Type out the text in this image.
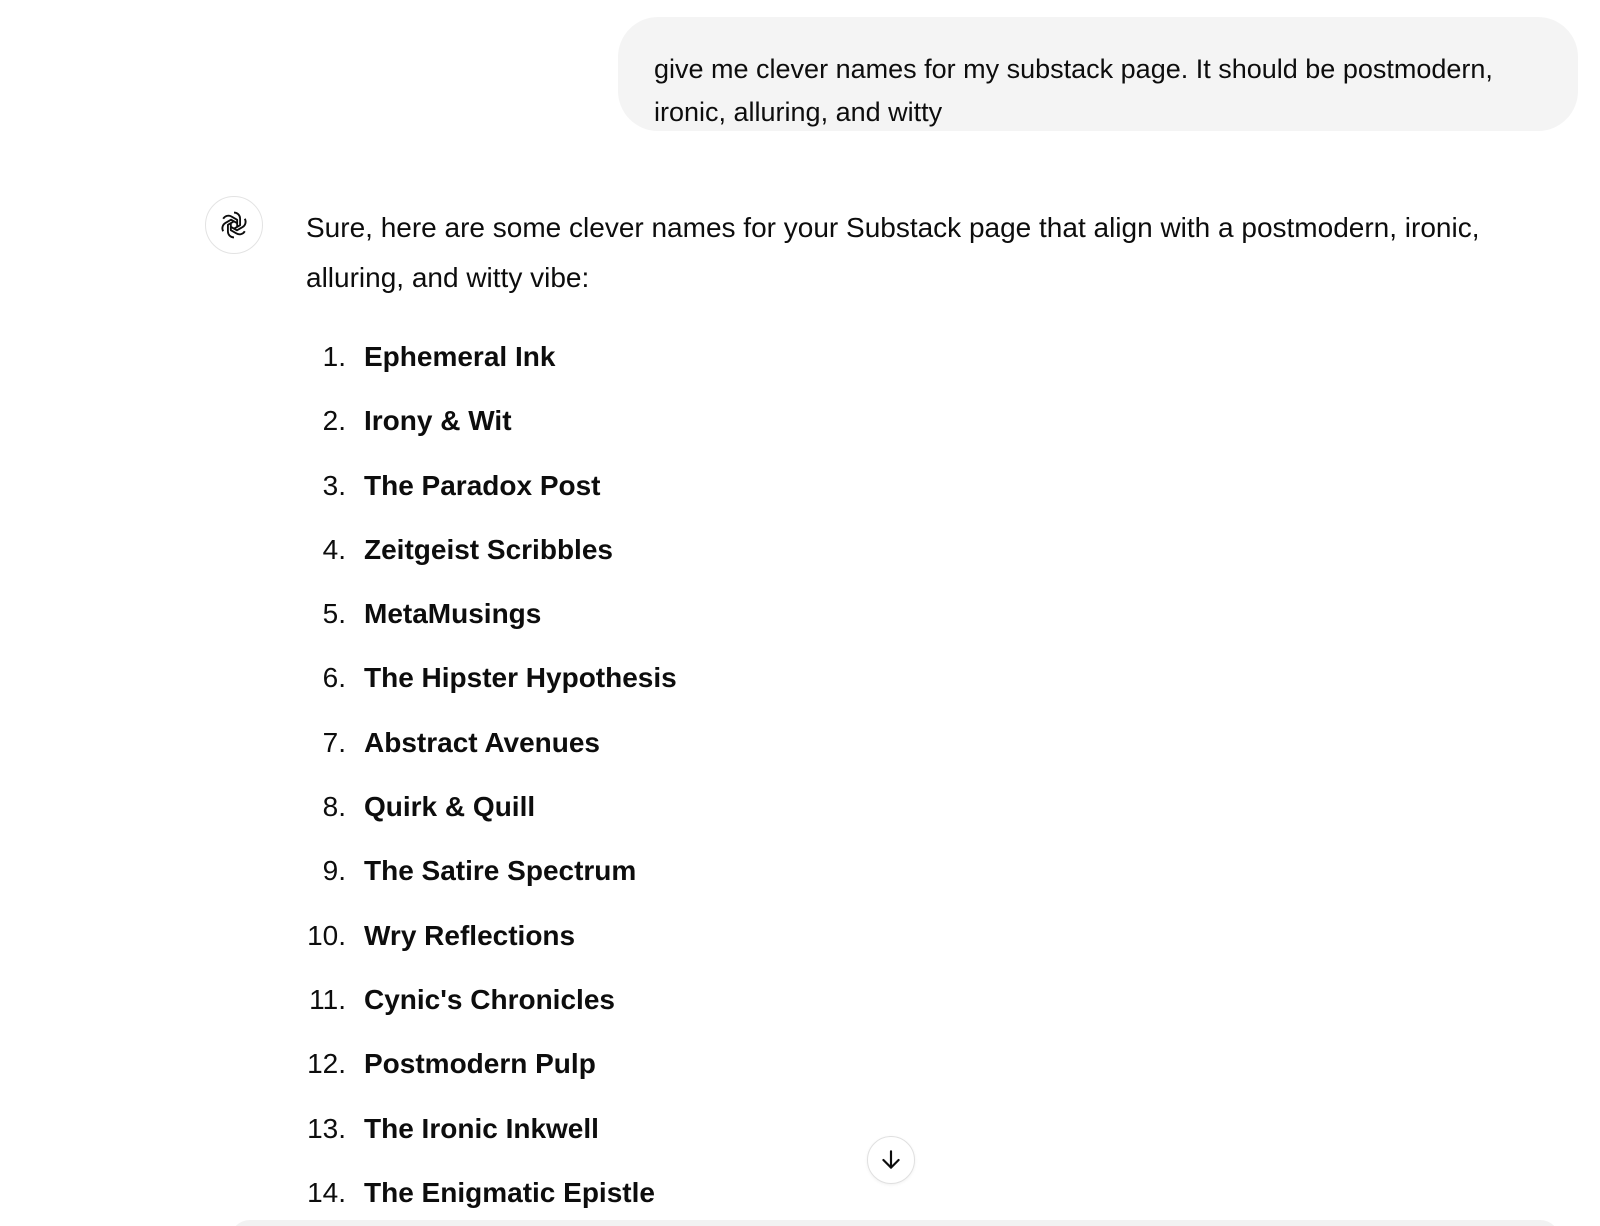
give me clever names for my substack page. It should be postmodern, ironic, alluring, and witty
Sure, here are some clever names for your Substack page that align with a postmodern, ironic, alluring, and witty vibe:
1. Ephemeral Ink
2. Irony & Wit
3. The Paradox Post
4. Zeitgeist Scribbles
5. MetaMusings
6. The Hipster Hypothesis
7. Abstract Avenues
8. Quirk & Quill
9. The Satire Spectrum
10. Wry Reflections
11. Cynic's Chronicles
12. Postmodern Pulp
13. The Ironic Inkwell
14. The Enigmatic Epistle
